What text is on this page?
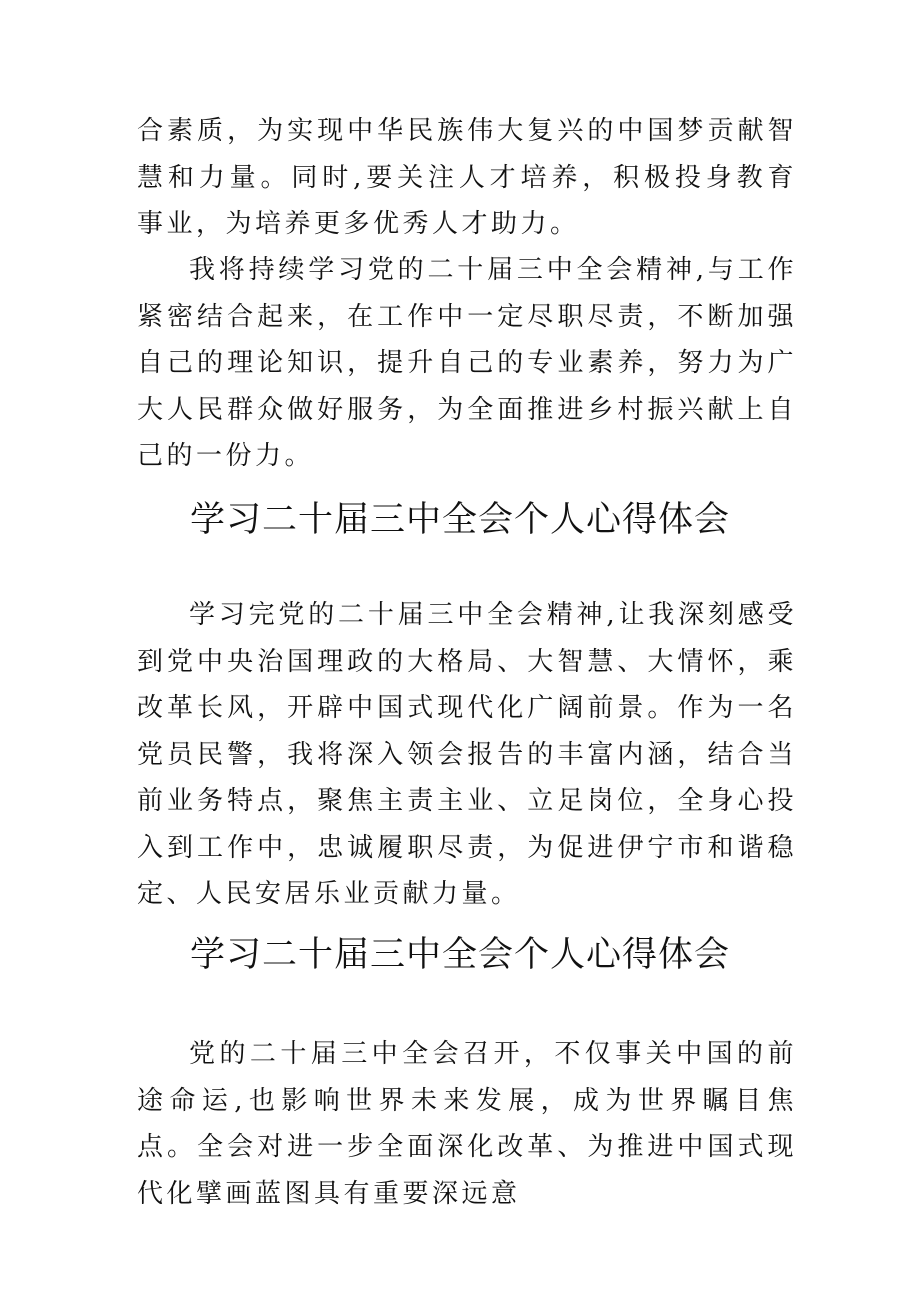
合素质，为实现中华民族伟大复兴的中国梦贡献智慧和力量。同时,要关注人才培养，积极投身教育事业，为培养更多优秀人才助力。

我将持续学习党的二十届三中全会精神,与工作紧密结合起来，在工作中一定尽职尽责，不断加强自己的理论知识，提升自己的专业素养，努力为广大人民群众做好服务，为全面推进乡村振兴献上自己的一份力。

学习二十届三中全会个人心得体会

学习完党的二十届三中全会精神,让我深刻感受到党中央治国理政的大格局、大智慧、大情怀，乘改革长风，开辟中国式现代化广阔前景。作为一名党员民警，我将深入领会报告的丰富内涵，结合当前业务特点，聚焦主责主业、立足岗位，全身心投入到工作中，忠诚履职尽责，为促进伊宁市和谐稳定、人民安居乐业贡献力量。

学习二十届三中全会个人心得体会

党的二十届三中全会召开，不仅事关中国的前途命运,也影响世界未来发展，成为世界瞩目焦点。全会对进一步全面深化改革、为推进中国式现代化擘画蓝图具有重要深远意
